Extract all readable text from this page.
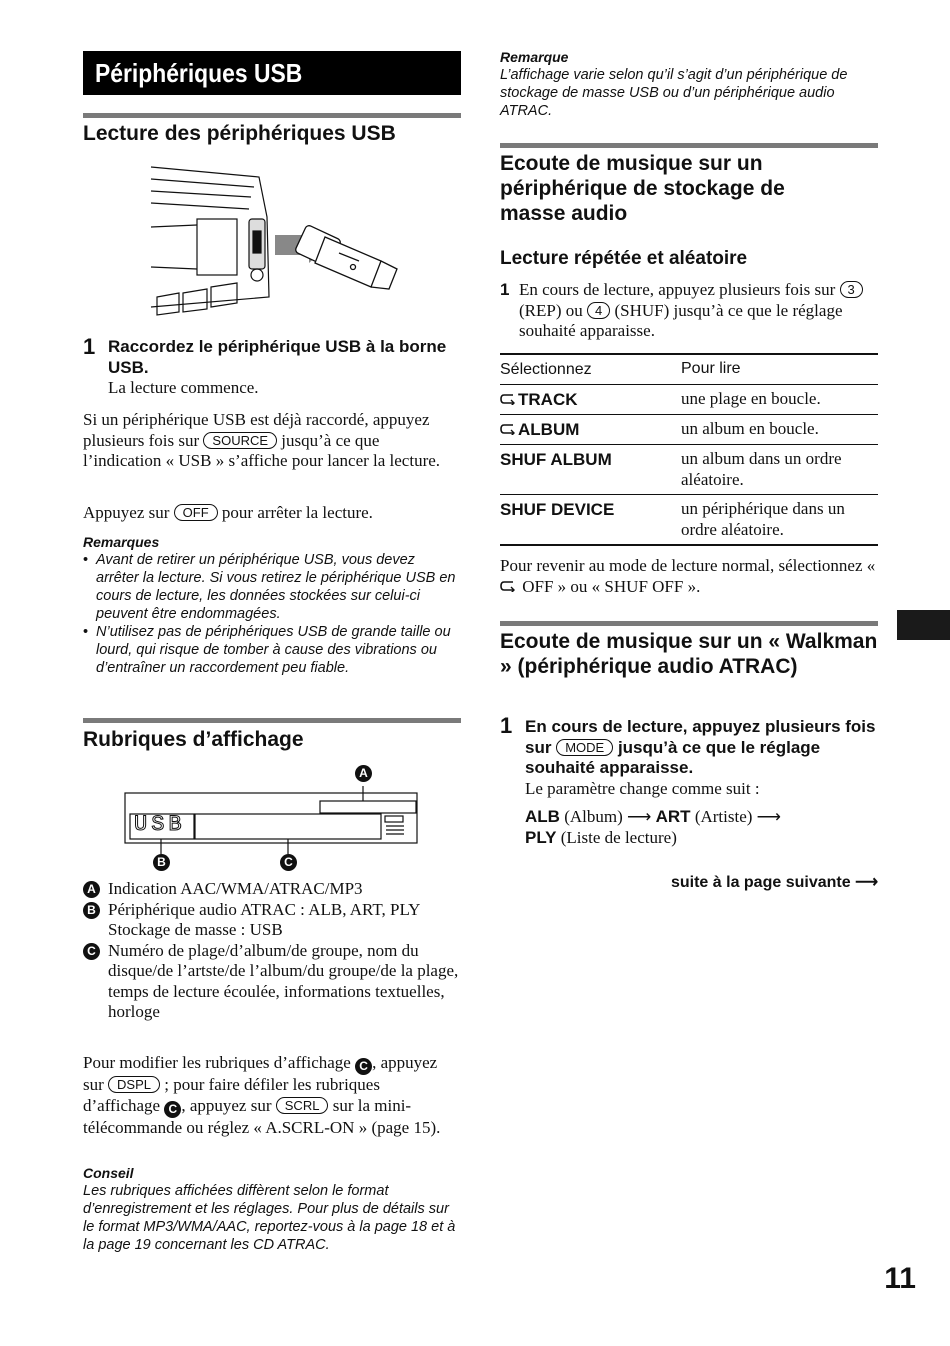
Périphériques USB
Lecture des périphériques USB
1 Raccordez le périphérique USB à la borne USB.
La lecture commence.
Si un périphérique USB est déjà raccordé, appuyez plusieurs fois sur SOURCE jusqu’à ce que l’indication « USB » s’affiche pour lancer la lecture.
Appuyez sur OFF pour arrêter la lecture.
Remarques
• Avant de retirer un périphérique USB, vous devez arrêter la lecture. Si vous retirez le périphérique USB en cours de lecture, les données stockées sur celui-ci peuvent être endommagées.
• N’utilisez pas de périphériques USB de grande taille ou lourd, qui risque de tomber à cause des vibrations ou d’entraîner un raccordement peu fiable.
Rubriques d’affichage
USB
A
B	C
A Indication AAC/WMA/ATRAC/MP3
B Périphérique audio ATRAC : ALB, ART, PLY
Stockage de masse : USB
C Numéro de plage/d’album/de groupe, nom du disque/de l’artste/de l’album/du groupe/de la plage, temps de lecture écoulée, informations textuelles, horloge
Pour modifier les rubriques d’affichage C , appuyez sur DSPL ; pour faire défiler les rubriques d’affichage C , appuyez sur SCRL sur la mini-télécommande ou réglez « A.SCRL-ON » (page 15).
Conseil
Les rubriques affichées diffèrent selon le format d’enregistrement et les réglages. Pour plus de détails sur le format MP3/WMA/AAC, reportez-vous à la page 18 et à la page 19 concernant les CD ATRAC.
Remarque
L’affichage varie selon qu’il s’agit d’un périphérique de stockage de masse USB ou d’un périphérique audio ATRAC.
Ecoute de musique sur un périphérique de stockage de masse audio
Lecture répétée et aléatoire
1 En cours de lecture, appuyez plusieurs fois sur 3 (REP) ou 4 (SHUF) jusqu’à ce que le réglage souhaité apparaisse.
Sélectionnez	Pour lire
TRACK	une plage en boucle.
ALBUM	un album en boucle.
SHUF ALBUM	un album dans un ordre aléatoire.
SHUF DEVICE	un périphérique dans un ordre aléatoire.
Pour revenir au mode de lecture normal, sélectionnez «  OFF » ou « SHUF OFF ».
Ecoute de musique sur un « Walkman » (périphérique audio ATRAC)
1 En cours de lecture, appuyez plusieurs fois sur MODE jusqu’à ce que le réglage souhaité apparaisse.
Le paramètre change comme suit :
ALB (Album) ⟶ ART (Artiste) ⟶
PLY (Liste de lecture)
suite à la page suivante ⟶
11
